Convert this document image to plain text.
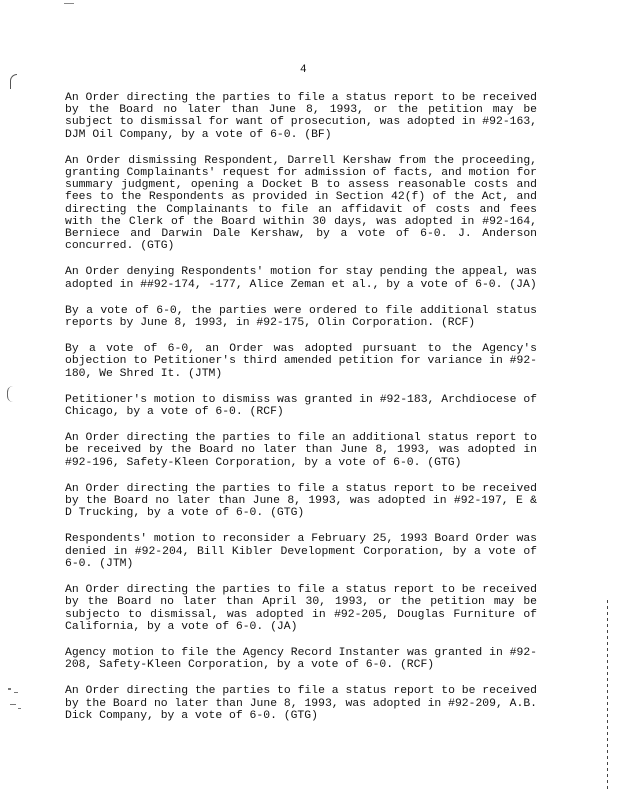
4

An Order directing the parties to file a status report to be received by the Board no later than June 8, 1993, or the petition may be subject to dismissal for want of prosecution, was adopted in #92-163, DJM Oil Company, by a vote of 6-0. (BF)

An Order dismissing Respondent, Darrell Kershaw from the proceeding, granting Complainants' request for admission of facts, and motion for summary judgment, opening a Docket B to assess reasonable costs and fees to the Respondents as provided in Section 42(f) of the Act, and directing the Complainants to file an affidavit of costs and fees with the Clerk of the Board within 30 days, was adopted in #92-164, Berniece and Darwin Dale Kershaw, by a vote of 6-0. J. Anderson concurred. (GTG)

An Order denying Respondents' motion for stay pending the appeal, was adopted in ##92-174, -177, Alice Zeman et al., by a vote of 6-0. (JA)

By a vote of 6-0, the parties were ordered to file additional status reports by June 8, 1993, in #92-175, Olin Corporation. (RCF)

By a vote of 6-0, an Order was adopted pursuant to the Agency's objection to Petitioner's third amended petition for variance in #92-180, We Shred It. (JTM)

Petitioner's motion to dismiss was granted in #92-183, Archdiocese of Chicago, by a vote of 6-0. (RCF)

An Order directing the parties to file an additional status report to be received by the Board no later than June 8, 1993, was adopted in #92-196, Safety-Kleen Corporation, by a vote of 6-0. (GTG)

An Order directing the parties to file a status report to be received by the Board no later than June 8, 1993, was adopted in #92-197, E & D Trucking, by a vote of 6-0. (GTG)

Respondents' motion to reconsider a February 25, 1993 Board Order was denied in #92-204, Bill Kibler Development Corporation, by a vote of 6-0. (JTM)

An Order directing the parties to file a status report to be received by the Board no later than April 30, 1993, or the petition may be subjecto to dismissal, was adopted in #92-205, Douglas Furniture of California, by a vote of 6-0. (JA)

Agency motion to file the Agency Record Instanter was granted in #92-208, Safety-Kleen Corporation, by a vote of 6-0. (RCF)

An Order directing the parties to file a status report to be received by the Board no later than June 8, 1993, was adopted in #92-209, A.B. Dick Company, by a vote of 6-0. (GTG)
